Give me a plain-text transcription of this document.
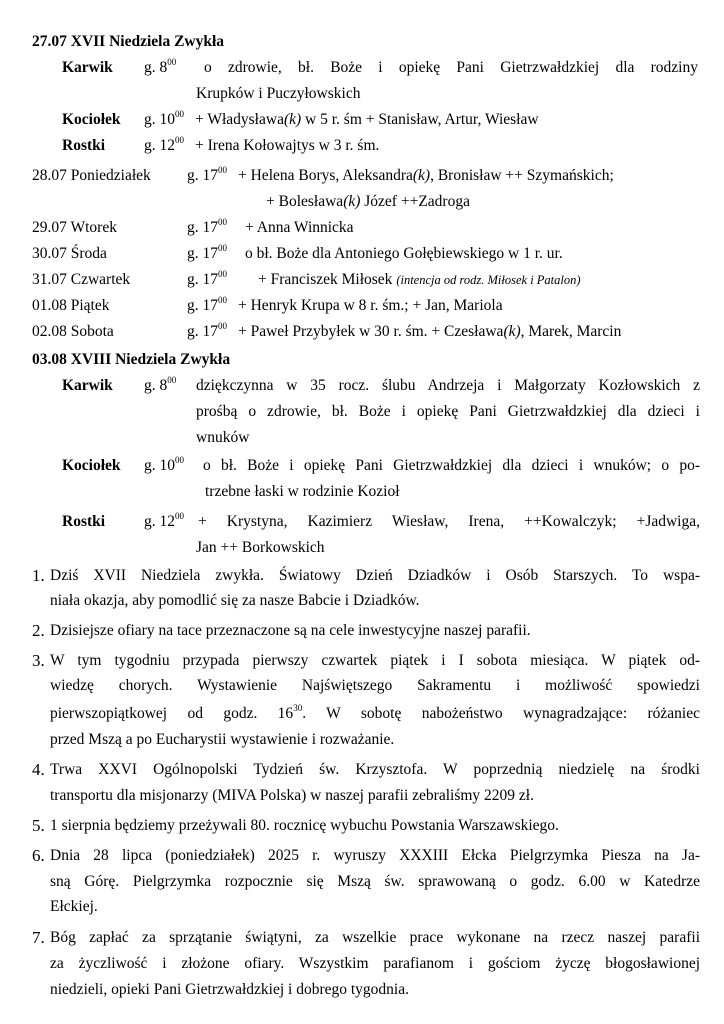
27.07 XVII Niedziela Zwykła
Karwik g. $8^{00}$ o zdrowie, bł. Boże i opiekę Pani Gietrzwałdzkiej dla rodziny
Krupków i Puczyłowskich
Kociołek g. $10^{00}$ + Władysława(k) w 5 r. śm + Stanisław, Artur, Wiesław
Rostki	g. $12^{00}$ + Irena Kołowajtys w 3 r. śm.
28.07 Poniedziałek g. $17^{00}$ + Helena Borys, Aleksandra(k), Bronisław ++ Szymańskich;
+ Bolesława(k) Józef ++Zadroga
29.07 Wtorek	g. $17^{00}$ + Anna Winnicka
30.07 Środa	g. $17^{00}$ o bł. Boże dla Antoniego Gołębiewskiego w 1 r. ur.
31.07 Czwartek	g. $17^{00}$ + Franciszek Miłosek (intencja od rodz. Miłosek i Patalon)
01.08 Piątek	g. $17^{00}$ + Henryk Krupa w 8 r. śm.; + Jan, Mariola
02.08 Sobota	g. $17^{00}$ + Paweł Przybyłek w 30 r. śm. + Czesława(k), Marek, Marcin
03.08 XVIII Niedziela Zwykła
Karwik g. $8^{00}$ dziękczynna w 35 rocz. ślubu Andrzeja i Małgorzaty Kozłowskich z
prośbą o zdrowie, bł. Boże i opiekę Pani Gietrzwałdzkiej dla dzieci i
wnuków
Kociołek g. $10^{00}$ o bł. Boże i opiekę Pani Gietrzwałdzkiej dla dzieci i wnuków; o po-
trzebne łaski w rodzinie Kozioł
Rostki	g. $12^{00}$ + Krystyna, Kazimierz Wiesław, Irena, ++Kowalczyk; +Jadwiga,
Jan ++ Borkowskich
1. Dziś XVII Niedziela zwykła. Światowy Dzień Dziadków i Osób Starszych. To wspa-
niała okazja, aby pomodlić się za nasze Babcie i Dziadków.
2. Dzisiejsze ofiary na tace przeznaczone są na cele inwestycyjne naszej parafii.
3. W tym tygodniu przypada pierwszy czwartek piątek i I sobota miesiąca. W piątek od-
wiedzę chorych. Wystawienie Najświętszego Sakramentu i możliwość spowiedzi
pierwszopiątkowej od godz. $16^{30}$. W sobotę nabożeństwo wynagradzające: różaniec
przed Mszą a po Eucharystii wystawienie i rozważanie.
4. Trwa XXVI Ogólnopolski Tydzień św. Krzysztofa. W poprzednią niedzielę na środki
transportu dla misjonarzy (MIVA Polska) w naszej parafii zebraliśmy 2209 zł.
5. 1 sierpnia będziemy przeżywali 80. rocznicę wybuchu Powstania Warszawskiego.
6. Dnia 28 lipca (poniedziałek) 2025 r. wyruszy XXXIII Ełcka Pielgrzymka Piesza na Ja-
sną Górę. Pielgrzymka rozpocznie się Mszą św. sprawowaną o godz. 6.00 w Katedrze
Ełckiej.
7. Bóg zapłać za sprzątanie świątyni, za wszelkie prace wykonane na rzecz naszej parafii
za życzliwość i złożone ofiary. Wszystkim parafianom i gościom życzę błogosławionej
niedzieli, opieki Pani Gietrzwałdzkiej i dobrego tygodnia.
